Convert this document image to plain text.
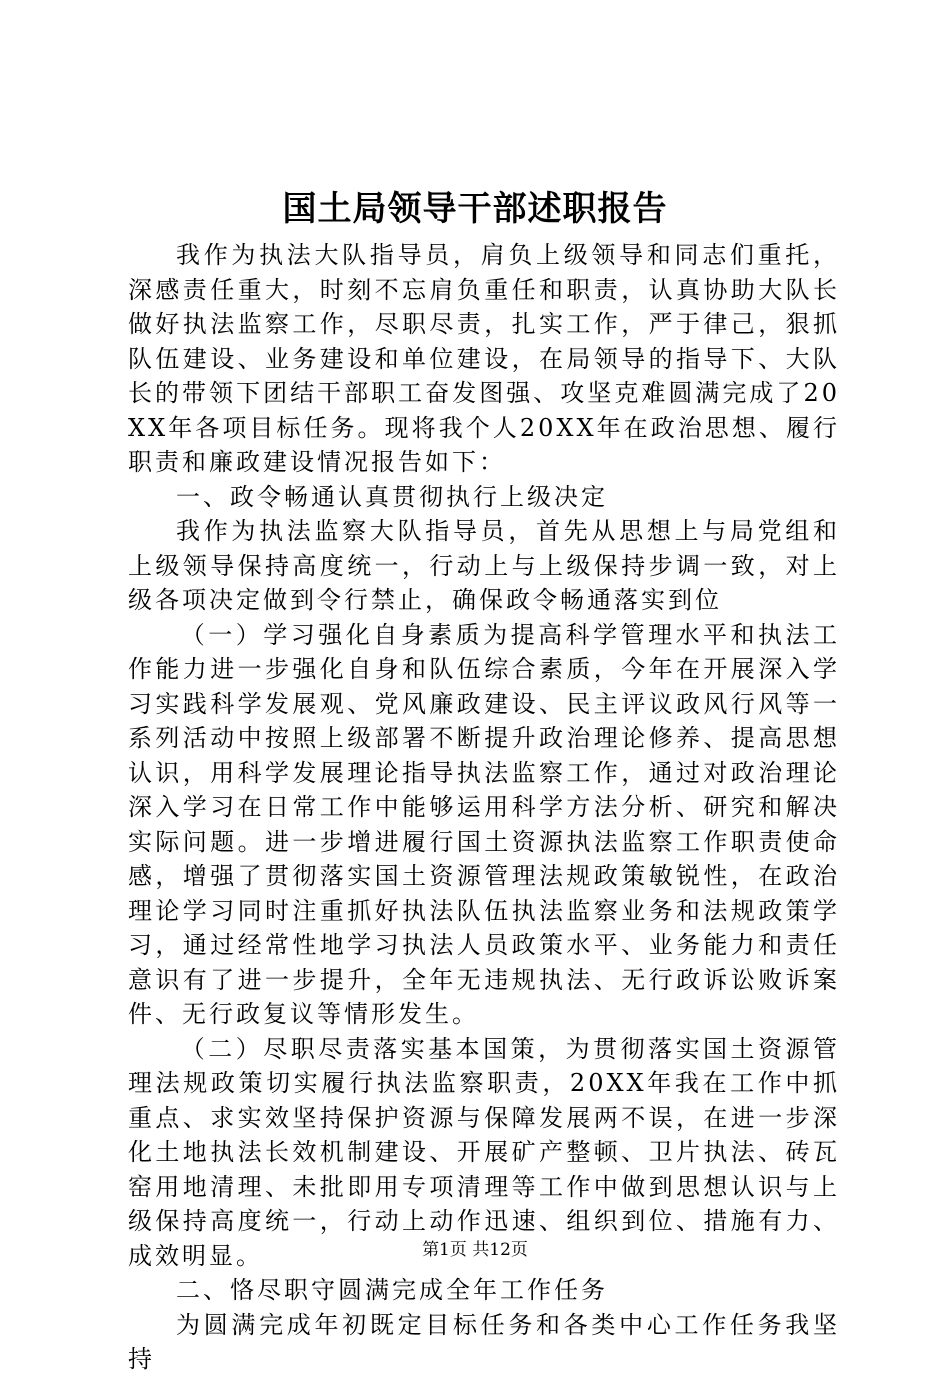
国土局领导干部述职报告

我作为执法大队指导员，肩负上级领导和同志们重托，深感责任重大，时刻不忘肩负重任和职责，认真协助大队长做好执法监察工作，尽职尽责，扎实工作，严于律己，狠抓队伍建设、业务建设和单位建设，在局领导的指导下、大队长的带领下团结干部职工奋发图强、攻坚克难圆满完成了20XX年各项目标任务。现将我个人20XX年在政治思想、履行职责和廉政建设情况报告如下：

一、政令畅通认真贯彻执行上级决定

我作为执法监察大队指导员，首先从思想上与局党组和上级领导保持高度统一，行动上与上级保持步调一致，对上级各项决定做到令行禁止，确保政令畅通落实到位

（一）学习强化自身素质为提高科学管理水平和执法工作能力进一步强化自身和队伍综合素质，今年在开展深入学习实践科学发展观、党风廉政建设、民主评议政风行风等一系列活动中按照上级部署不断提升政治理论修养、提高思想认识，用科学发展理论指导执法监察工作，通过对政治理论深入学习在日常工作中能够运用科学方法分析、研究和解决实际问题。进一步增进履行国土资源执法监察工作职责使命感，增强了贯彻落实国土资源管理法规政策敏锐性，在政治理论学习同时注重抓好执法队伍执法监察业务和法规政策学习，通过经常性地学习执法人员政策水平、业务能力和责任意识有了进一步提升，全年无违规执法、无行政诉讼败诉案件、无行政复议等情形发生。

（二）尽职尽责落实基本国策，为贯彻落实国土资源管理法规政策切实履行执法监察职责，20XX年我在工作中抓重点、求实效坚持保护资源与保障发展两不误，在进一步深化土地执法长效机制建设、开展矿产整顿、卫片执法、砖瓦窑用地清理、未批即用专项清理等工作中做到思想认识与上级保持高度统一，行动上动作迅速、组织到位、措施有力、成效明显。

二、恪尽职守圆满完成全年工作任务

为圆满完成年初既定目标任务和各类中心工作任务我坚持

第1页 共12页
